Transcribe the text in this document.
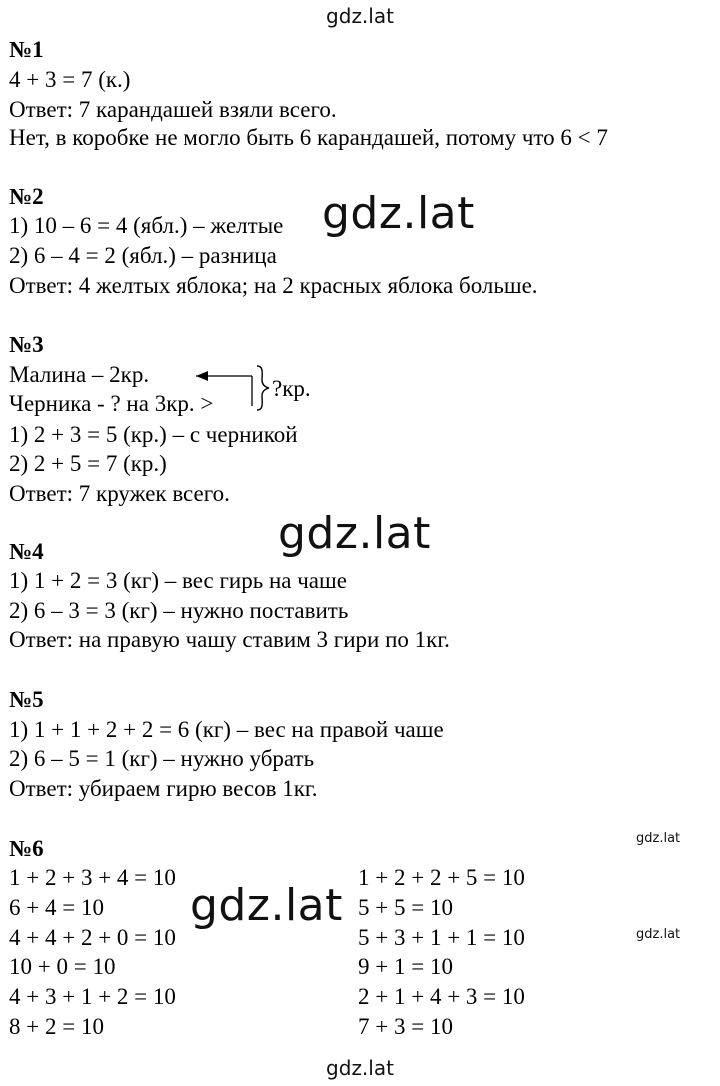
gdz.lat
№1
4 + 3 = 7 (к.)
Ответ: 7 карандашей взяли всего.
Нет, в коробке не могло быть 6 карандашей, потому что 6 < 7
№2
1) 10 – 6 = 4 (ябл.) – желтые
2) 6 – 4 = 2 (ябл.) – разница
Ответ: 4 желтых яблока; на 2 красных яблока больше.
gdz.lat
№3
Малина – 2кр.
Черника - ? на 3кр. >
?кр.
1) 2 + 3 = 5 (кр.) – с черникой
2) 2 + 5 = 7 (кр.)
Ответ: 7 кружек всего.
№4	gdz.lat
1) 1 + 2 = 3 (кг) – вес гирь на чаше
2) 6 – 3 = 3 (кг) – нужно поставить
Ответ: на правую чашу ставим 3 гири по 1кг.
№5
1) 1 + 1 + 2 + 2 = 6 (кг) – вес на правой чаше
2) 6 – 5 = 1 (кг) – нужно убрать
Ответ: убираем гирю весов 1кг.
№6	gdz.lat
1 + 2 + 3 + 4 = 10
6 + 4 = 10
4 + 4 + 2 + 0 = 10
10 + 0 = 10
4 + 3 + 1 + 2 = 10
8 + 2 = 10
1 + 2 + 2 + 5 = 10
5 + 5 = 10
5 + 3 + 1 + 1 = 10
9 + 1 = 10
2 + 1 + 4 + 3 = 10
7 + 3 = 10
gdz.lat
gdz.lat
gdz.lat
